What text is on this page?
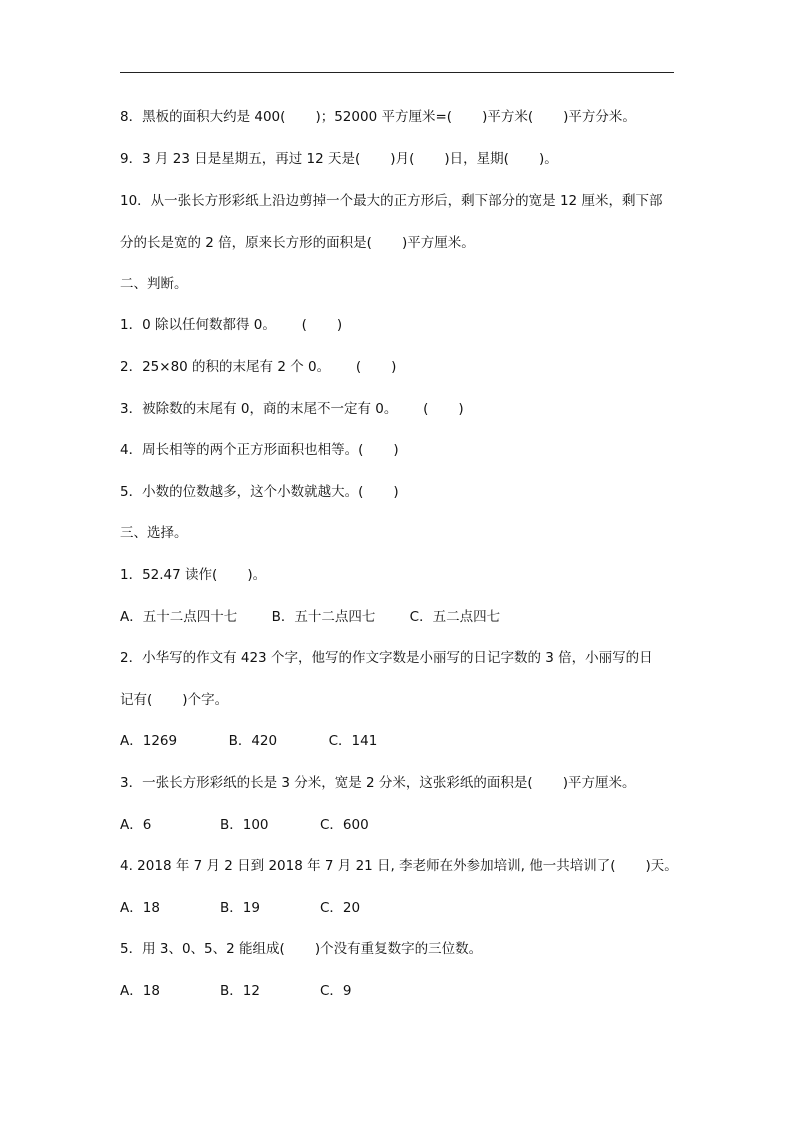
8．黑板的面积大约是 400(       )；52000 平方厘米=(       )平方米(       )平方分米。
9．3 月 23 日是星期五，再过 12 天是(       )月(       )日，星期(       )。
10．从一张长方形彩纸上沿边剪掉一个最大的正方形后，剩下部分的宽是 12 厘米，剩下部
分的长是宽的 2 倍，原来长方形的面积是(       )平方厘米。
二、判断。
1．0 除以任何数都得 0。      (       )
2．25×80 的积的末尾有 2 个 0。      (       )
3．被除数的末尾有 0，商的末尾不一定有 0。      (       )
4．周长相等的两个正方形面积也相等。(       )
5．小数的位数越多，这个小数就越大。(       )
三、选择。
1．52.47 读作(       )。
A．五十二点四十七        B．五十二点四七        C．五二点四七
2．小华写的作文有 423 个字，他写的作文字数是小丽写的日记字数的 3 倍，小丽写的日
记有(       )个字。
A．1269            B．420            C．141
3．一张长方形彩纸的长是 3 分米，宽是 2 分米，这张彩纸的面积是(       )平方厘米。
A．6                B．100            C．600
4. 2018 年 7 月 2 日到 2018 年 7 月 21 日, 李老师在外参加培训, 他一共培训了(       )天。
A．18              B．19              C．20
5．用 3、0、5、2 能组成(       )个没有重复数字的三位数。
A．18              B．12              C．9
